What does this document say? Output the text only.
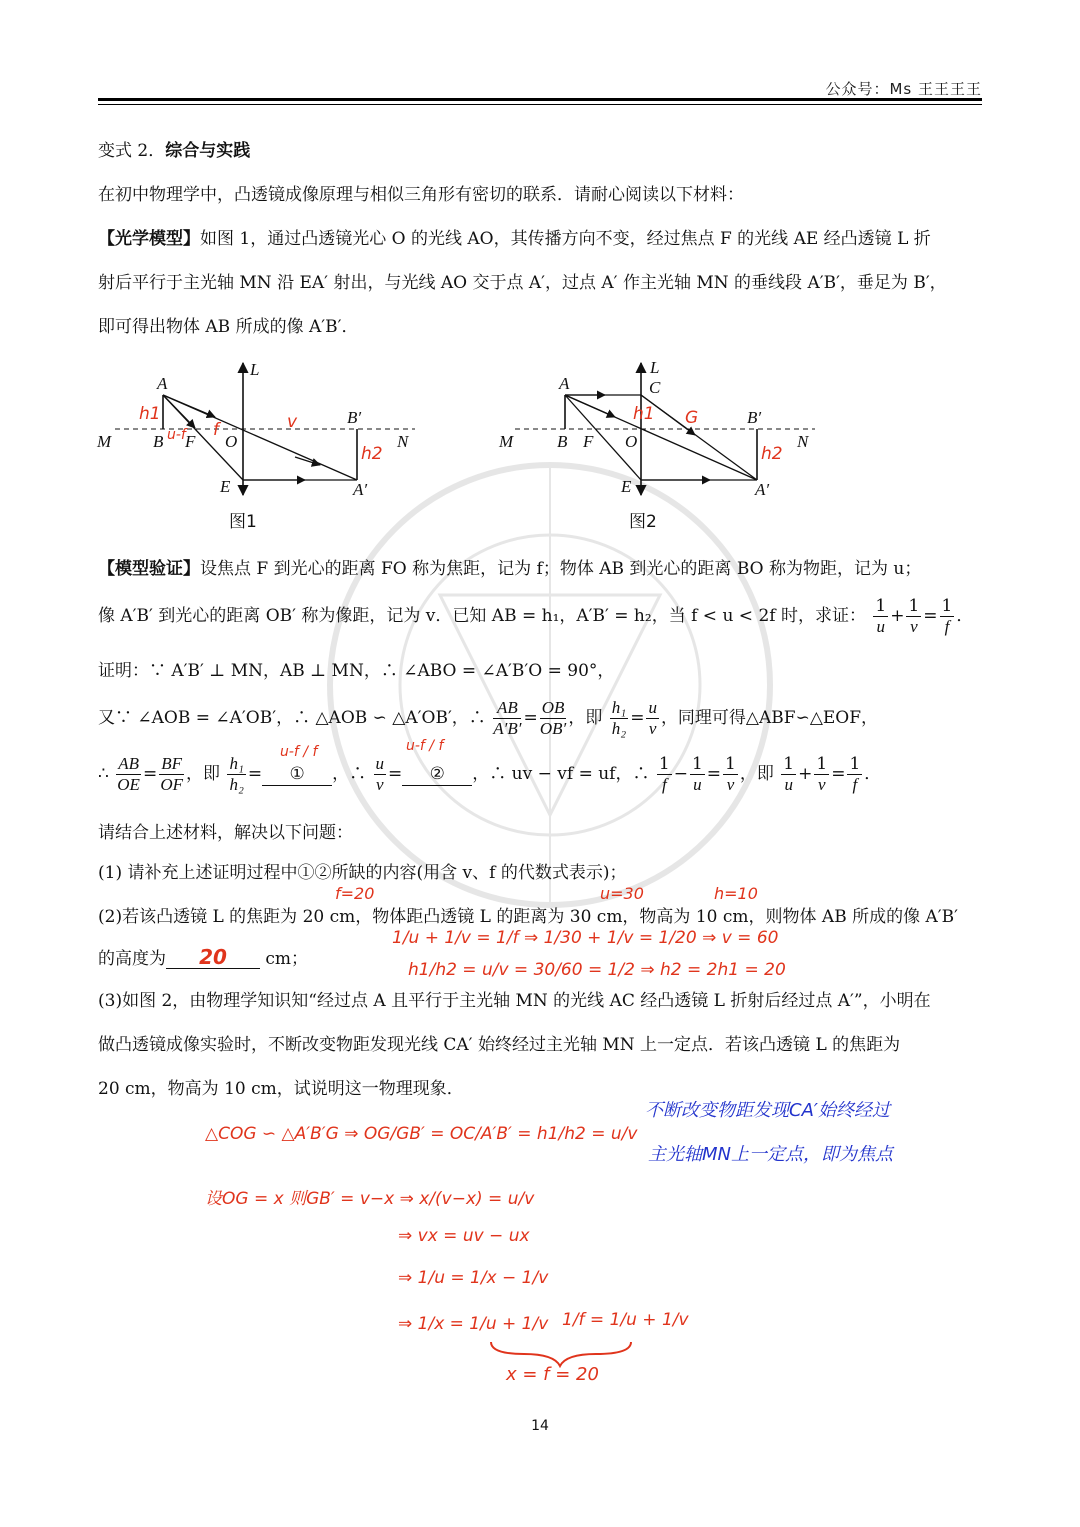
公众号：Ms 王王王王
变式 2．综合与实践
在初中物理学中，凸透镜成像原理与相似三角形有密切的联系．请耐心阅读以下材料：
【光学模型】如图 1，通过凸透镜光心 O 的光线 AO，其传播方向不变，经过焦点 F 的光线 AE 经凸透镜 L 折
射后平行于主光轴 MN 沿 EA′ 射出，与光线 AO 交于点 A′，过点 A′ 作主光轴 MN 的垂线段 A′B′，垂足为 B′，
即可得出物体 AB 所成的像 A′B′．
A
B F O
E
L
M	N
B′
A′
h1
u-f f	v
h2
图1
A
B F O
E
L
C
M	N
B′
A′
h1 G
h2
图2
【模型验证】设焦点 F 到光心的距离 FO 称为焦距，记为 f；物体 AB 到光心的距离 BO 称为物距，记为 u；
像 A′B′ 到光心的距离 OB′ 称为像距，记为 v．已知 AB = h₁，A′B′ = h₂，当 f < u < 2f 时，求证： $\frac{1}{u} + \frac{1}{v} = \frac{1}{f}$ ．
证明：∵ A′B′ ⊥ MN，AB ⊥ MN，∴ ∠ABO = ∠A′B′O = 90°，
又∵ ∠AOB = ∠A′OB′，∴ △AOB ∽ △A′OB′，∴ $\frac{AB}{A'B'} = \frac{OB}{OB'}$ ，即 $\frac{\text{h₁}}{\text{h₂}} = \frac{u}{v}$ ，同理可得△ABF∽△EOF，
∴ $\frac{AB}{OE} = \frac{BF}{OF}$ ，即 $\frac{\text{h₁}}{\text{h₂}}$ = ① ，∴ $\frac{u}{v}$ = ② ，∴ uv − vf = uf，∴ $\frac{1}{f} - \frac{1}{u} = \frac{1}{v}$ ，即 $\frac{1}{u} + \frac{1}{v} = \frac{1}{f}$ ．
u-f / f	u-f / f
请结合上述材料，解决以下问题：
(1) 请补充上述证明过程中①②所缺的内容(用含 v、f 的代数式表示)；
f=20	u=30	h=10
(2)若该凸透镜 L 的焦距为 20 cm，物体距凸透镜 L 的距离为 30 cm，物高为 10 cm，则物体 AB 所成的像 A′B′
1/u + 1/v = 1/f ⇒ 1/30 + 1/v = 1/20 ⇒ v = 60
的高度为 20 cm；
h1/h2 = u/v = 30/60 = 1/2 ⇒ h2 = 2h1 = 20
(3)如图 2，由物理学知识知“经过点 A 且平行于主光轴 MN 的光线 AC 经凸透镜 L 折射后经过点 A′”，小明在
做凸透镜成像实验时，不断改变物距发现光线 CA′ 始终经过主光轴 MN 上一定点．若该凸透镜 L 的焦距为
20 cm，物高为 10 cm，试说明这一物理现象．
不断改变物距发现CA′始终经过
主光轴MN上一定点，即为焦点
△COG ∽ △A′B′G ⇒ OG/GB′ = OC/A′B′ = h1/h2 = u/v
设OG = x 则GB′ = v−x ⇒ x/(v−x) = u/v
⇒ vx = uv − ux
⇒ 1/u = 1/x − 1/v
⇒ 1/x = 1/u + 1/v 1/f = 1/u + 1/v
x = f = 20
14
